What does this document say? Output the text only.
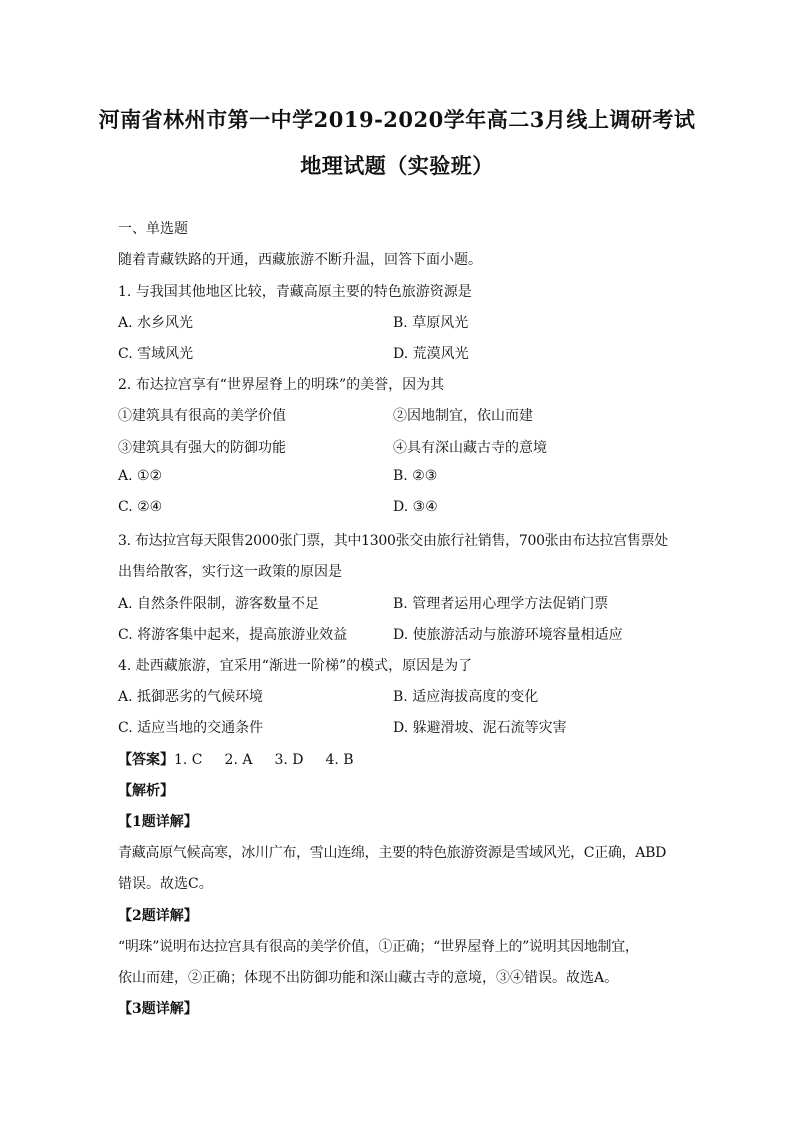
河南省林州市第一中学2019-2020学年高二3月线上调研考试
地理试题（实验班）
一、单选题
随着青藏铁路的开通，西藏旅游不断升温，回答下面小题。
1. 与我国其他地区比较，青藏高原主要的特色旅游资源是
A. 水乡风光	B. 草原风光
C. 雪域风光	D. 荒漠风光
2. 布达拉宫享有“世界屋脊上的明珠”的美誉，因为其
①建筑具有很高的美学价值	②因地制宜，依山而建
③建筑具有强大的防御功能	④具有深山藏古寺的意境
A. ①②	B. ②③
C. ②④	D. ③④
3. 布达拉宫每天限售2000张门票，其中1300张交由旅行社销售，700张由布达拉宫售票处
出售给散客，实行这一政策的原因是
A. 自然条件限制，游客数量不足	B. 管理者运用心理学方法促销门票
C. 将游客集中起来，提高旅游业效益	D. 使旅游活动与旅游环境容量相适应
4. 赴西藏旅游，宜采用“渐进一阶梯”的模式，原因是为了
A. 抵御恶劣的气候环境	B. 适应海拔高度的变化
C. 适应当地的交通条件	D. 躲避滑坡、泥石流等灾害
【答案】1. C 2. A 3. D 4. B
【解析】
【1题详解】
青藏高原气候高寒，冰川广布，雪山连绵，主要的特色旅游资源是雪域风光，C正确，ABD
错误。故选C。
【2题详解】
“明珠”说明布达拉宫具有很高的美学价值，①正确；“世界屋脊上的”说明其因地制宜，
依山而建，②正确；体现不出防御功能和深山藏古寺的意境，③④错误。故选A。
【3题详解】
